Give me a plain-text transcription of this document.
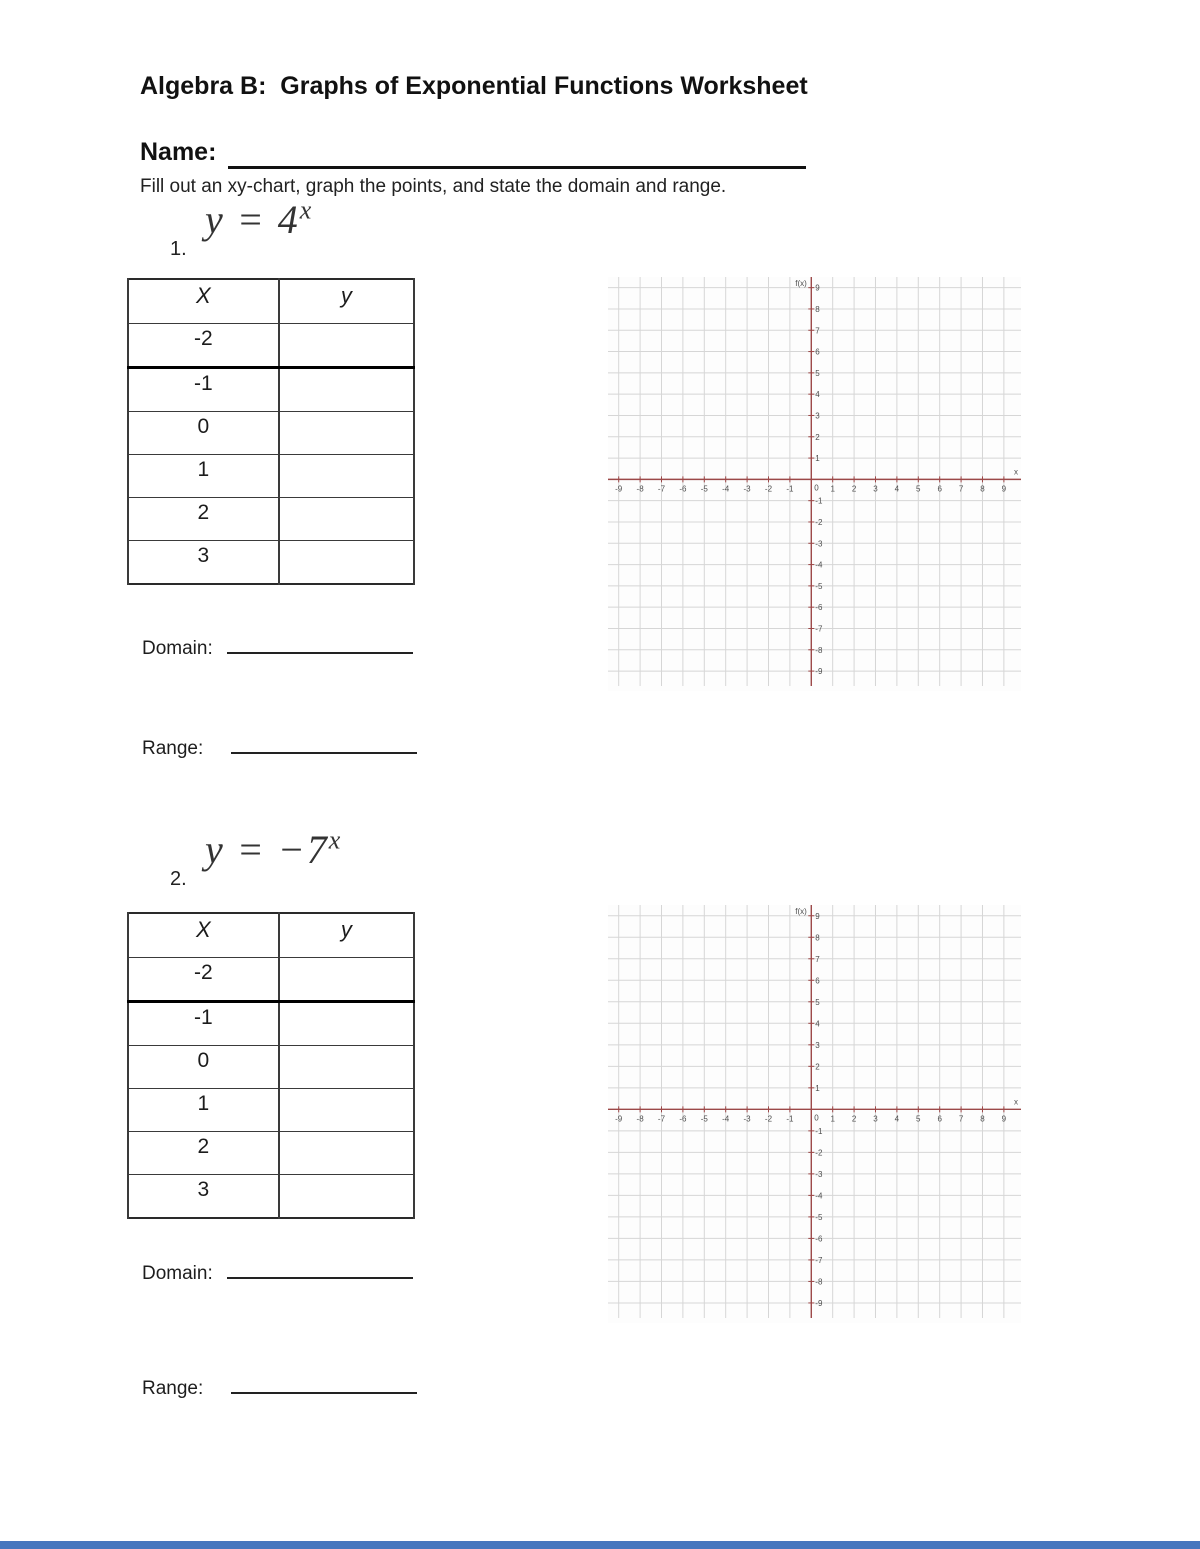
Algebra B:  Graphs of Exponential Functions Worksheet
Name:
Fill out an xy-chart, graph the points, and state the domain and range.
1.
$y = 4^x$
X	y
-2	
-1	
0	
1	
2	
3	
-9 -8 -7 -6 -5 -4 -3 -2 -1	1 2 3 4 5 6 7 8 9
9
8
7
6
5
4
3
2
1
-1
-2
-3
-4
-5
-6
-7
-8
-9
0
f(x)
x
Domain:
Range:
2.
$y = -7^x$
X	y
-2	
-1	
0	
1	
2	
3	
-9 -8 -7 -6 -5 -4 -3 -2 -1	1 2 3 4 5 6 7 8 9
9
8
7
6
5
4
3
2
1
-1
-2
-3
-4
-5
-6
-7
-8
-9
0
f(x)
x
Domain:
Range:
